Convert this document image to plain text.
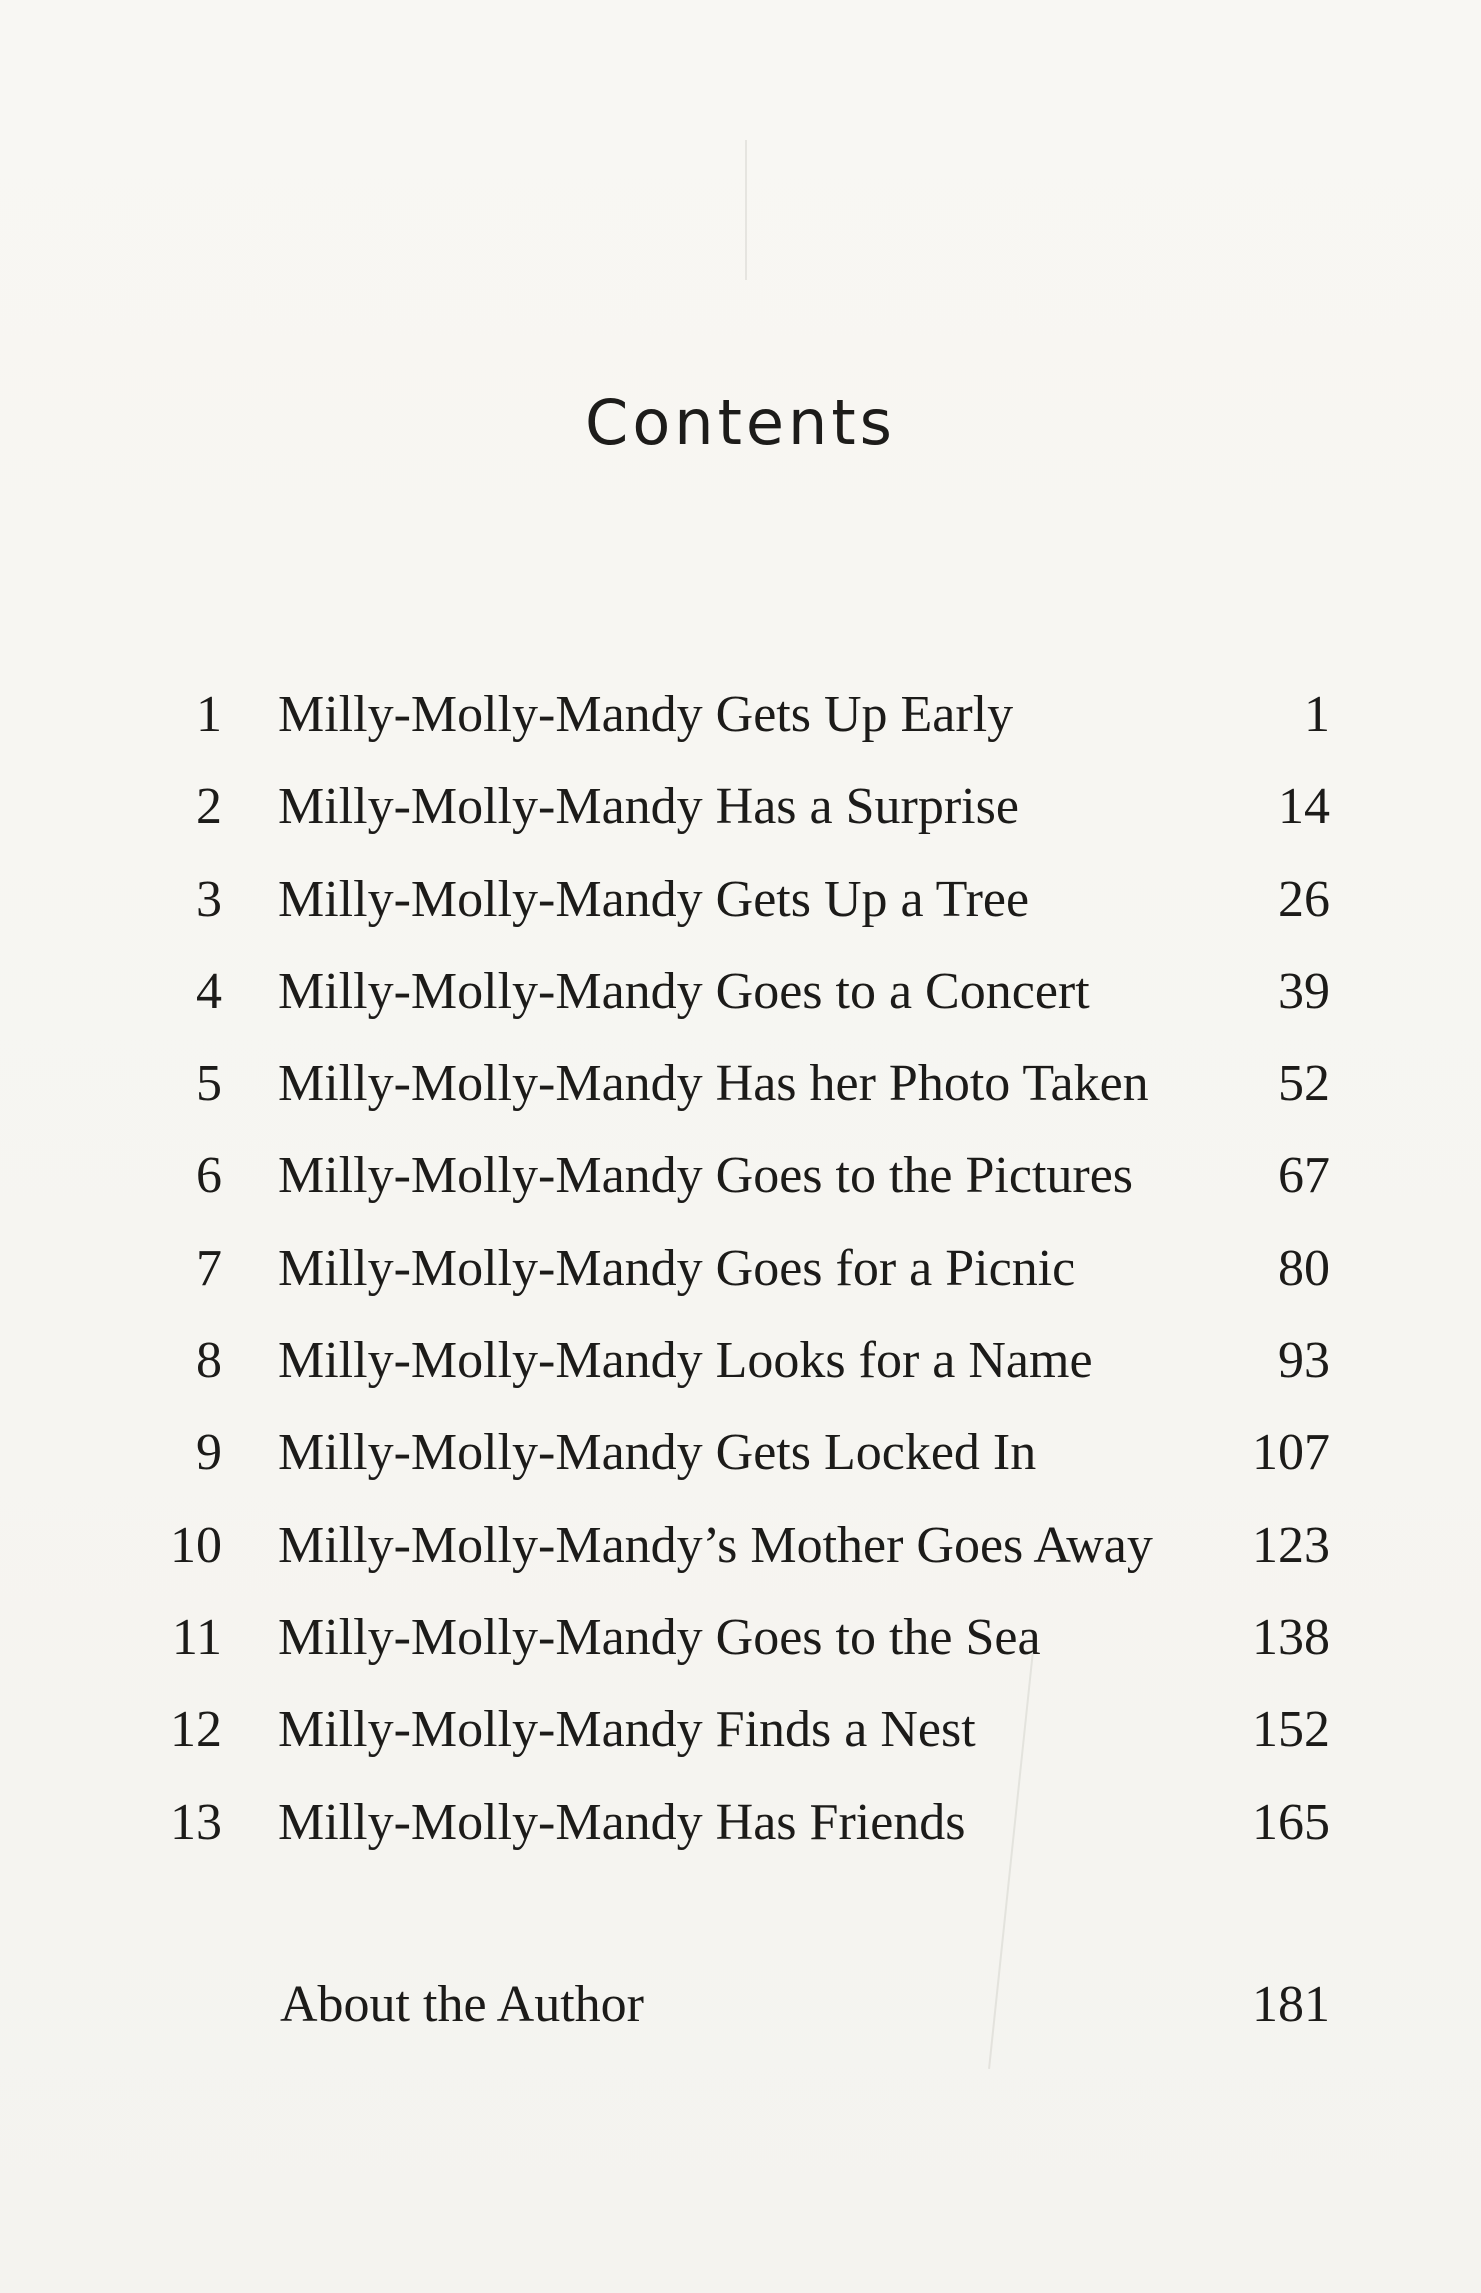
Contents
1 Milly-Molly-Mandy Gets Up Early	1
2 Milly-Molly-Mandy Has a Surprise	14
3 Milly-Molly-Mandy Gets Up a Tree	26
4 Milly-Molly-Mandy Goes to a Concert	39
5 Milly-Molly-Mandy Has her Photo Taken 52
6 Milly-Molly-Mandy Goes to the Pictures	67
7 Milly-Molly-Mandy Goes for a Picnic	80
8 Milly-Molly-Mandy Looks for a Name	93
9 Milly-Molly-Mandy Gets Locked In	107
10 Milly-Molly-Mandy’s Mother Goes Away 123
11 Milly-Molly-Mandy Goes to the Sea	138
12 Milly-Molly-Mandy Finds a Nest	152
13 Milly-Molly-Mandy Has Friends	165
About the Author	181
